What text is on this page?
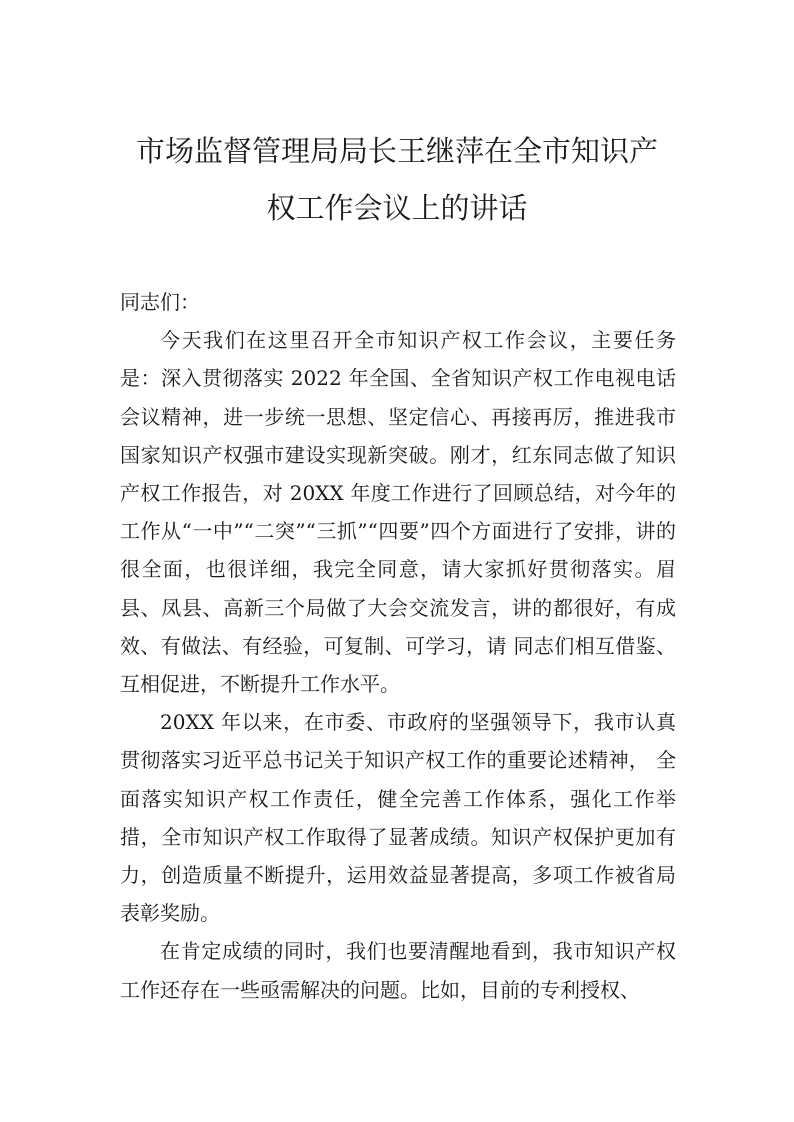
市场监督管理局局长王继萍在全市知识产
权工作会议上的讲话

同志们：

今天我们在这里召开全市知识产权工作会议，主要任务是：深入贯彻落实 2022 年全国、全省知识产权工作电视电话会议精神，进一步统一思想、坚定信心、再接再厉，推进我市国家知识产权强市建设实现新突破。刚才，红东同志做了知识产权工作报告，对 20XX 年度工作进行了回顾总结，对今年的工作从“一中”“二突”“三抓”“四要”四个方面进行了安排，讲的很全面，也很详细，我完全同意，请大家抓好贯彻落实。眉县、凤县、高新三个局做了大会交流发言，讲的都很好，有成效、有做法、有经验，可复制、可学习，请 同志们相互借鉴、互相促进，不断提升工作水平。

20XX 年以来，在市委、市政府的坚强领导下，我市认真贯彻落实习近平总书记关于知识产权工作的重要论述精神， 全面落实知识产权工作责任，健全完善工作体系，强化工作举措，全市知识产权工作取得了显著成绩。知识产权保护更加有力，创造质量不断提升，运用效益显著提高，多项工作被省局表彰奖励。

在肯定成绩的同时，我们也要清醒地看到，我市知识产权工作还存在一些亟需解决的问题。比如，目前的专利授权、
